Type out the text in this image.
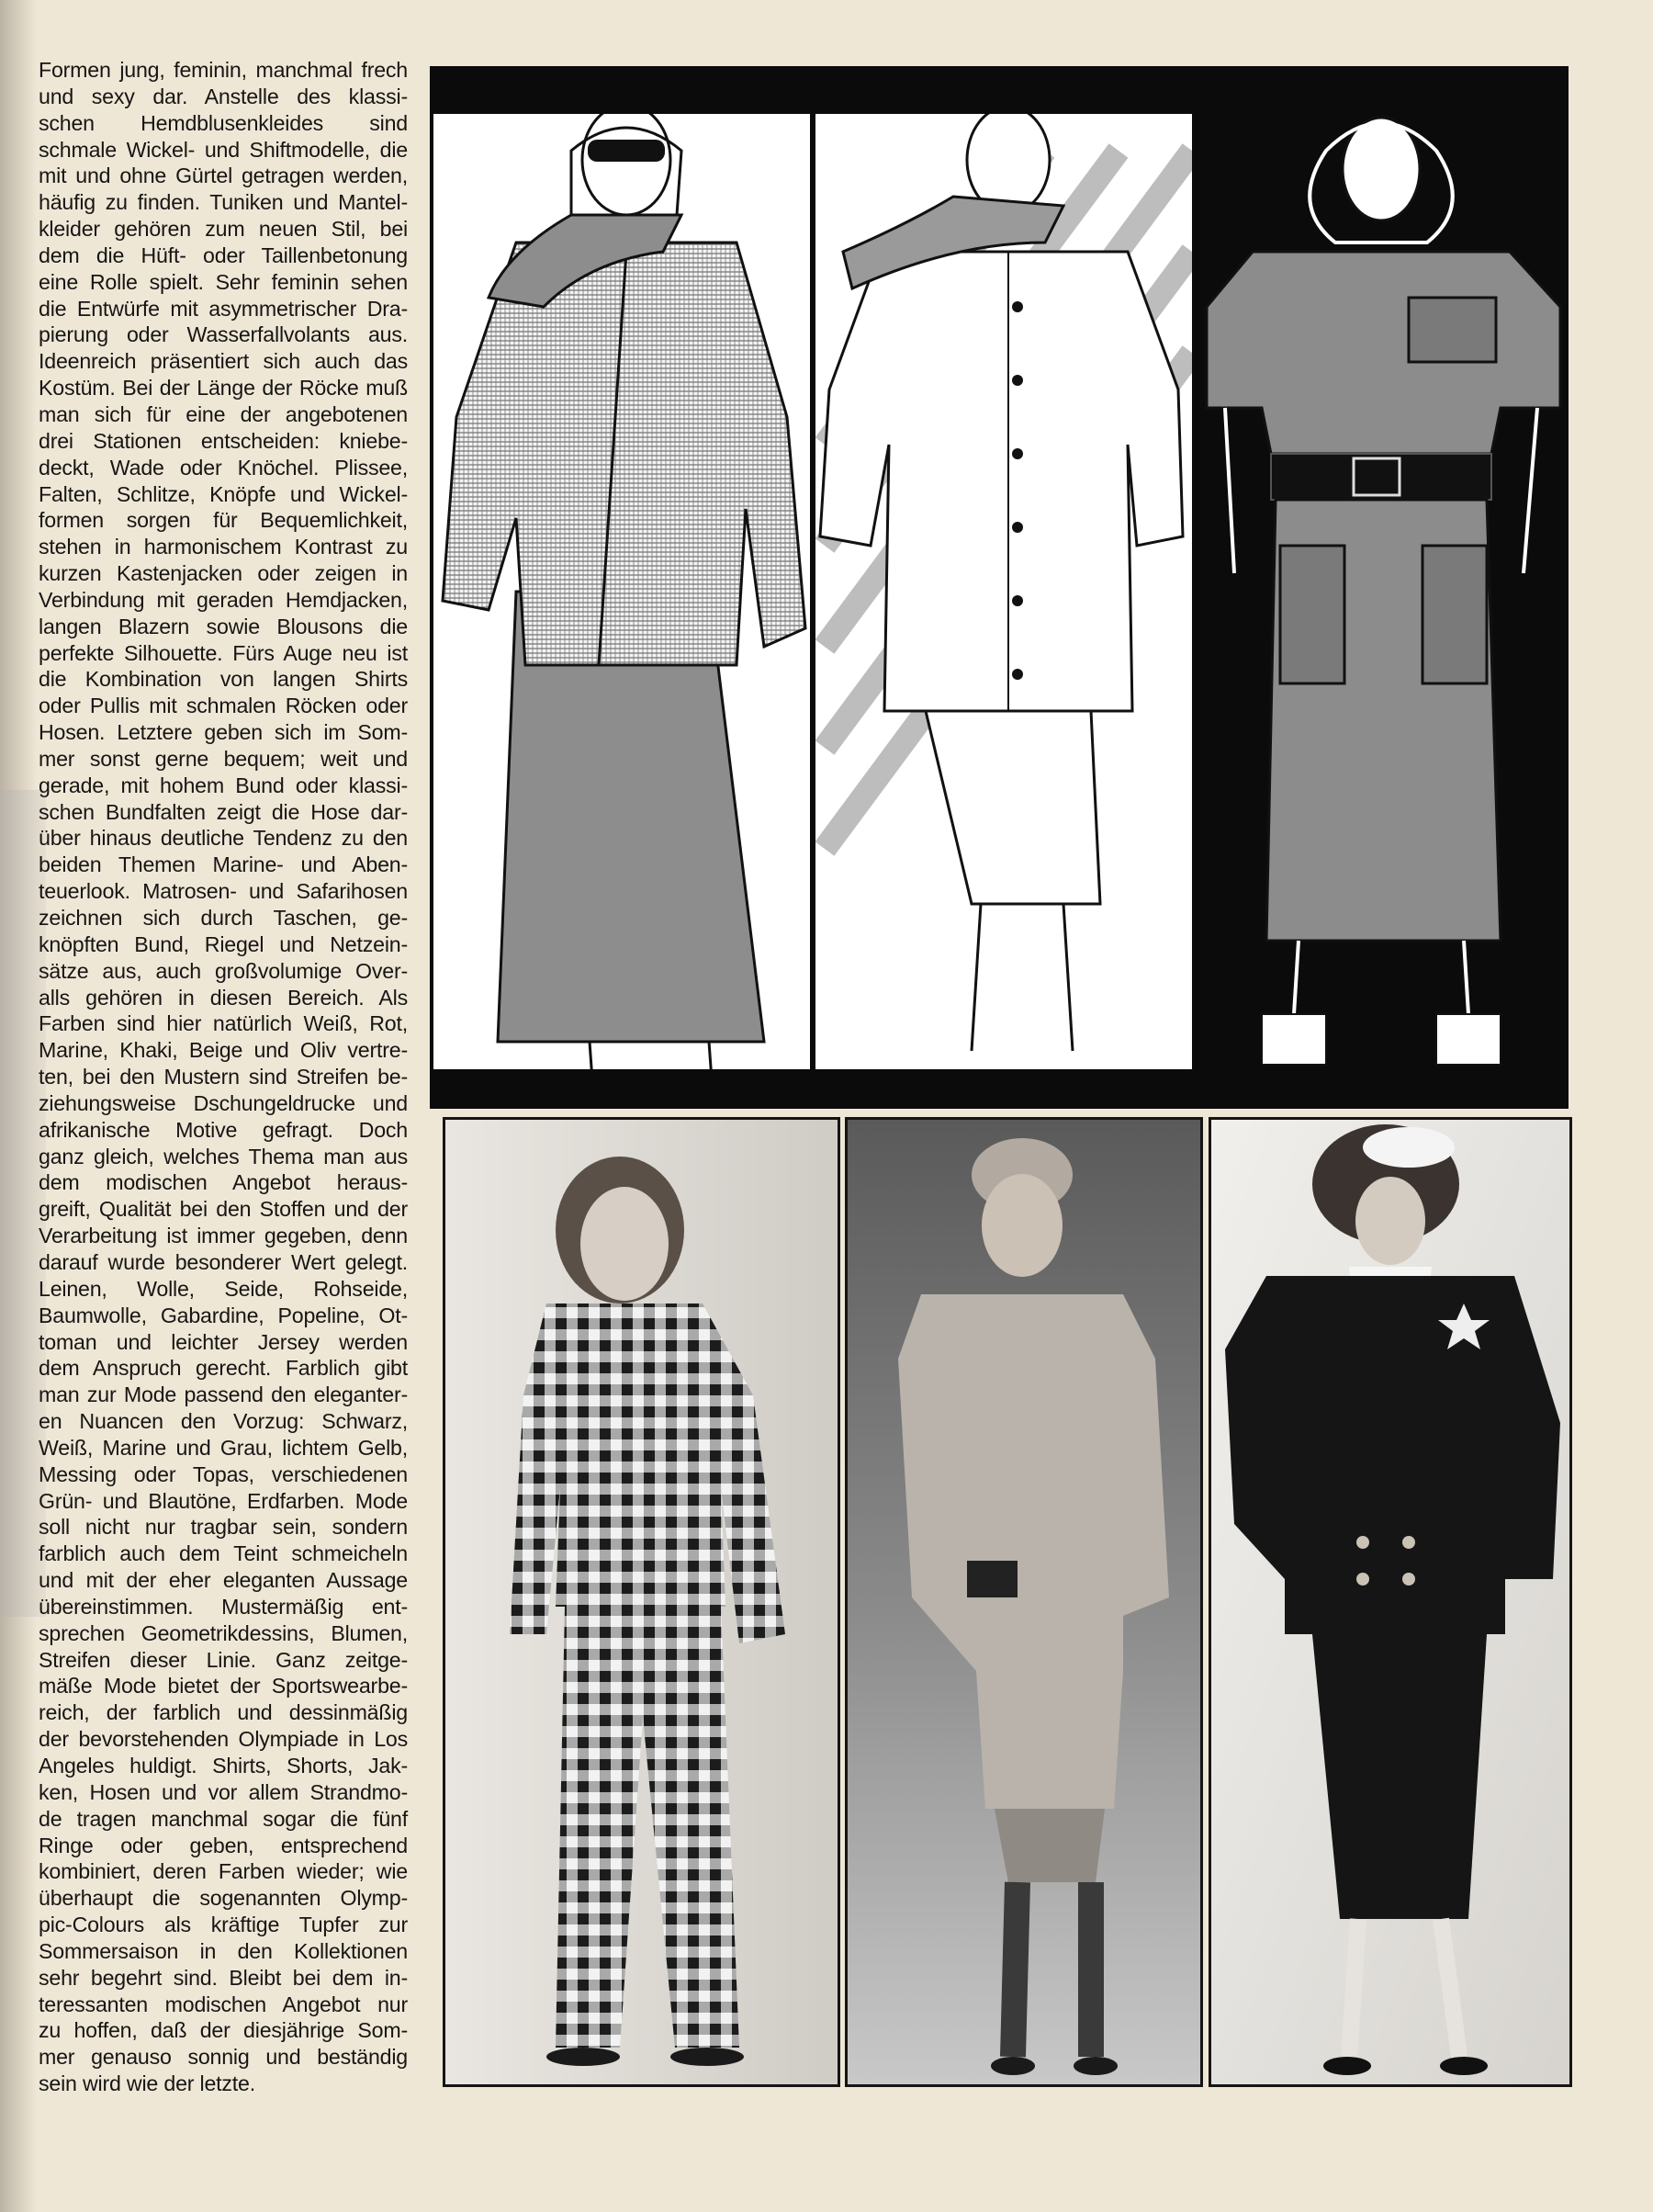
Formen jung, feminin, manchmal frech
und sexy dar. Anstelle des klassi-
schen Hemdblusenkleides sind
schmale Wickel- und Shiftmodelle, die
mit und ohne Gürtel getragen werden,
häufig zu finden. Tuniken und Mantel-
kleider gehören zum neuen Stil, bei
dem die Hüft- oder Taillenbetonung
eine Rolle spielt. Sehr feminin sehen
die Entwürfe mit asymmetrischer Dra-
pierung oder Wasserfallvolants aus.
Ideenreich präsentiert sich auch das
Kostüm. Bei der Länge der Röcke muß
man sich für eine der angebotenen
drei Stationen entscheiden: kniebe-
deckt, Wade oder Knöchel. Plissee,
Falten, Schlitze, Knöpfe und Wickel-
formen sorgen für Bequemlichkeit,
stehen in harmonischem Kontrast zu
kurzen Kastenjacken oder zeigen in
Verbindung mit geraden Hemdjacken,
langen Blazern sowie Blousons die
perfekte Silhouette. Fürs Auge neu ist
die Kombination von langen Shirts
oder Pullis mit schmalen Röcken oder
Hosen. Letztere geben sich im Som-
mer sonst gerne bequem; weit und
gerade, mit hohem Bund oder klassi-
schen Bundfalten zeigt die Hose dar-
über hinaus deutliche Tendenz zu den
beiden Themen Marine- und Aben-
teuerlook. Matrosen- und Safarihosen
zeichnen sich durch Taschen, ge-
knöpften Bund, Riegel und Netzein-
sätze aus, auch großvolumige Over-
alls gehören in diesen Bereich. Als
Farben sind hier natürlich Weiß, Rot,
Marine, Khaki, Beige und Oliv vertre-
ten, bei den Mustern sind Streifen be-
ziehungsweise Dschungeldrucke und
afrikanische Motive gefragt. Doch
ganz gleich, welches Thema man aus
dem modischen Angebot heraus-
greift, Qualität bei den Stoffen und der
Verarbeitung ist immer gegeben, denn
darauf wurde besonderer Wert gelegt.
Leinen, Wolle, Seide, Rohseide,
Baumwolle, Gabardine, Popeline, Ot-
toman und leichter Jersey werden
dem Anspruch gerecht. Farblich gibt
man zur Mode passend den eleganter-
en Nuancen den Vorzug: Schwarz,
Weiß, Marine und Grau, lichtem Gelb,
Messing oder Topas, verschiedenen
Grün- und Blautöne, Erdfarben. Mode
soll nicht nur tragbar sein, sondern
farblich auch dem Teint schmeicheln
und mit der eher eleganten Aussage
übereinstimmen. Mustermäßig ent-
sprechen Geometrikdessins, Blumen,
Streifen dieser Linie. Ganz zeitge-
mäße Mode bietet der Sportswearbe-
reich, der farblich und dessinmäßig
der bevorstehenden Olympiade in Los
Angeles huldigt. Shirts, Shorts, Jak-
ken, Hosen und vor allem Strandmo-
de tragen manchmal sogar die fünf
Ringe oder geben, entsprechend
kombiniert, deren Farben wieder; wie
überhaupt die sogenannten Olymp-
pic-Colours als kräftige Tupfer zur
Sommersaison in den Kollektionen
sehr begehrt sind. Bleibt bei dem in-
teressanten modischen Angebot nur
zu hoffen, daß der diesjährige Som-
mer genauso sonnig und beständig
sein wird wie der letzte.
